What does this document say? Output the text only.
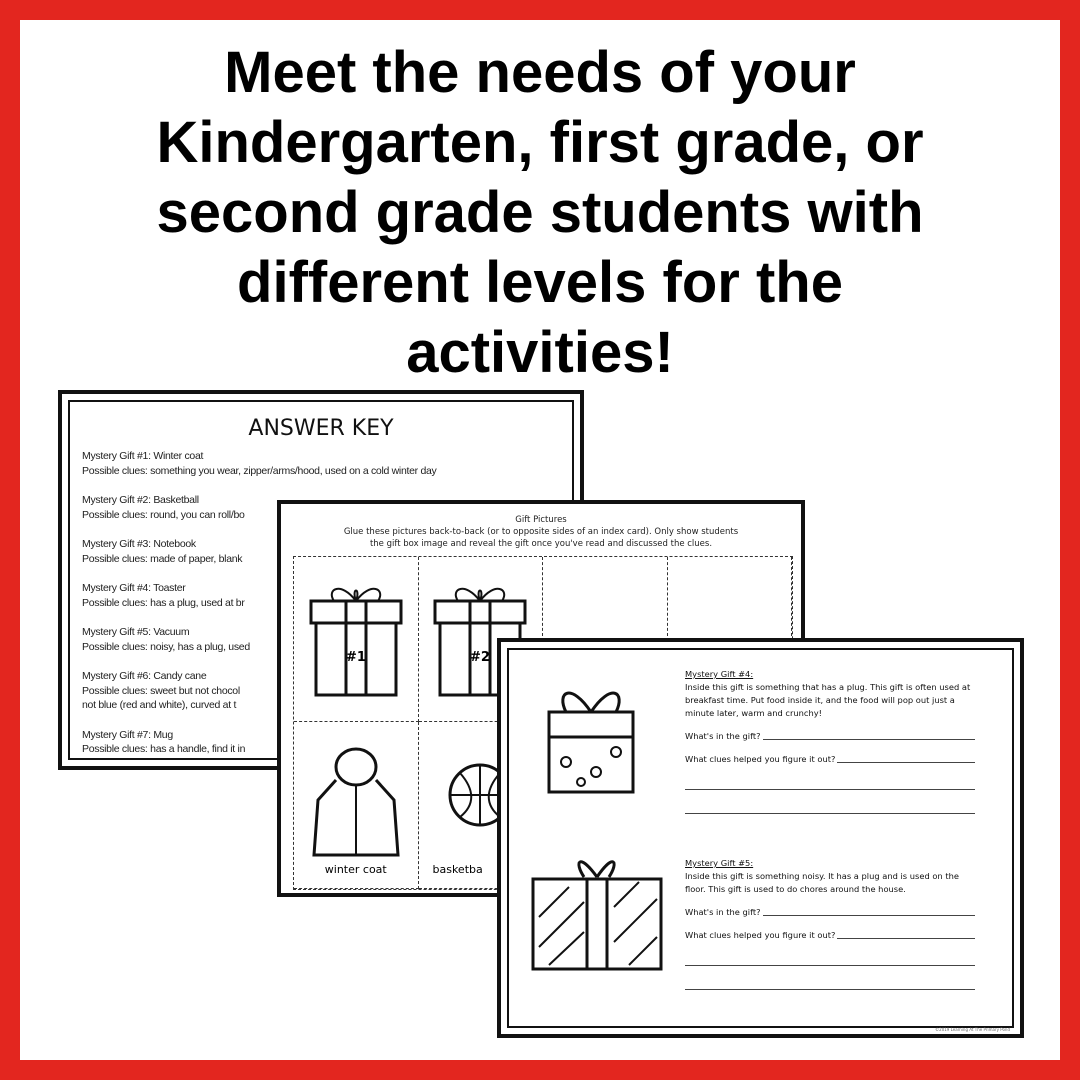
Meet the needs of your
Kindergarten, first grade, or
second grade students with
different levels for the
activities!
ANSWER KEY

Mystery Gift #1: Winter coat
Possible clues: something you wear, zipper/arms/hood, used on a cold winter day

Mystery Gift #2: Basketball
Possible clues: round, you can roll/bo

Mystery Gift #3: Notebook
Possible clues: made of paper, blank

Mystery Gift #4: Toaster
Possible clues: has a plug, used at br

Mystery Gift #5: Vacuum
Possible clues: noisy, has a plug, used

Mystery Gift #6: Candy cane
Possible clues: sweet but not chocol
not blue (red and white), curved at t

Mystery Gift #7: Mug
Possible clues: has a handle, find it in

Gift Pictures
Glue these pictures back-to-back (or to opposite sides of an index card). Only show students the gift box image and reveal the gift once you've read and discussed the clues.
#1	#2
winter coat	basketba
Mystery Gift #4:
Inside this gift is something that has a plug. This gift is often used at breakfast time. Put food inside it, and the food will pop out just a minute later, warm and crunchy!
What's in the gift?
What clues helped you figure it out?
Mystery Gift #5:
Inside this gift is something noisy. It has a plug and is used on the floor. This gift is used to do chores around the house.
What's in the gift?
What clues helped you figure it out?
©2019 Learning At The Primary Pond
